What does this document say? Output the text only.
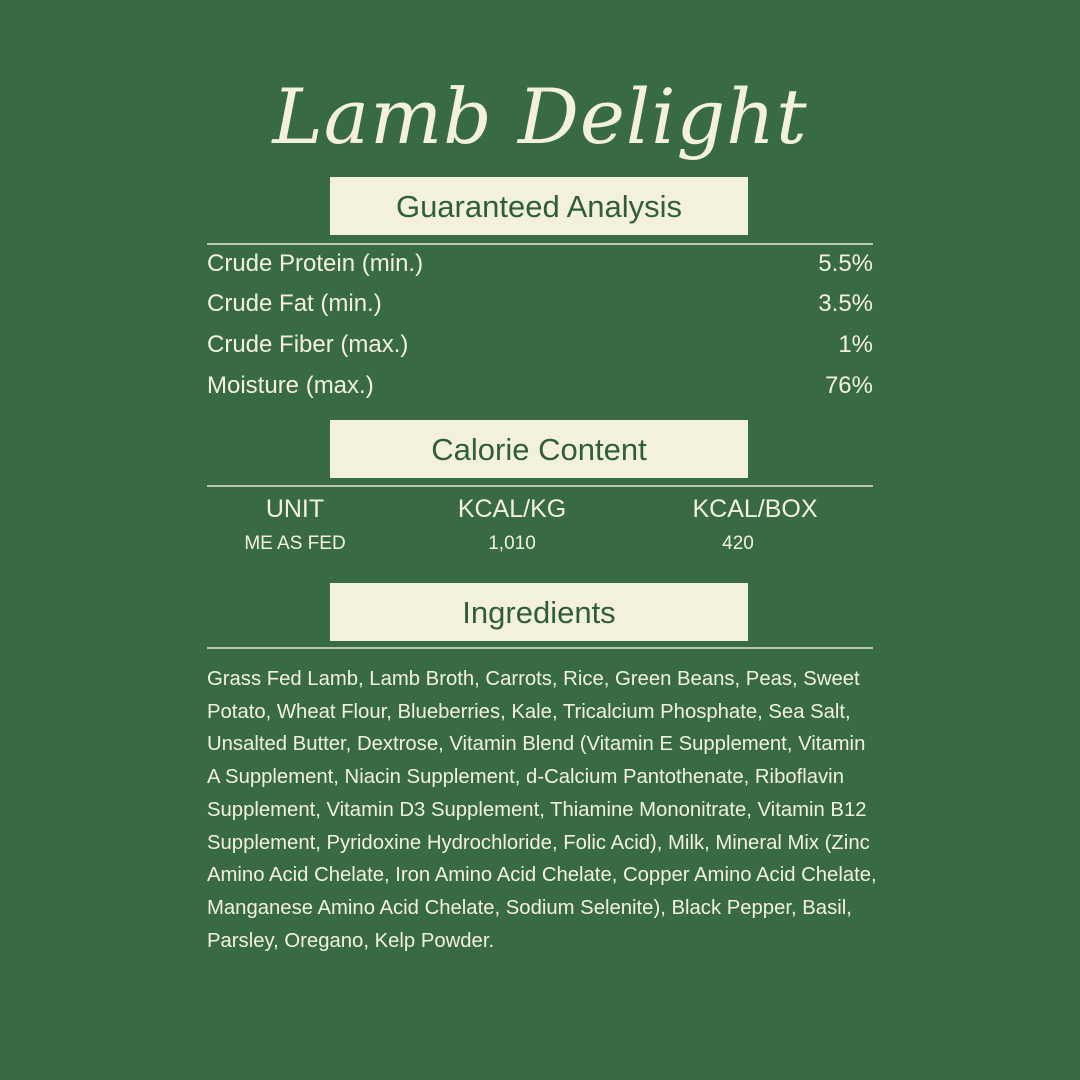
Lamb Delight
Guaranteed Analysis
Crude Protein (min.)	5.5%
Crude Fat (min.)	3.5%
Crude Fiber (max.)	1%
Moisture (max.)	76%
Calorie Content
UNIT	KCAL/KG	KCAL/BOX
ME AS FED	1,010	420
Ingredients
Grass Fed Lamb, Lamb Broth, Carrots, Rice, Green Beans, Peas, Sweet Potato, Wheat Flour, Blueberries, Kale, Tricalcium Phosphate, Sea Salt, Unsalted Butter, Dextrose, Vitamin Blend (Vitamin E Supplement, Vitamin A Supplement, Niacin Supplement, d-Calcium Pantothenate, Riboflavin Supplement, Vitamin D3 Supplement, Thiamine Mononitrate, Vitamin B12 Supplement, Pyridoxine Hydrochloride, Folic Acid), Milk, Mineral Mix (Zinc Amino Acid Chelate, Iron Amino Acid Chelate, Copper Amino Acid Chelate, Manganese Amino Acid Chelate, Sodium Selenite), Black Pepper, Basil, Parsley, Oregano, Kelp Powder.
